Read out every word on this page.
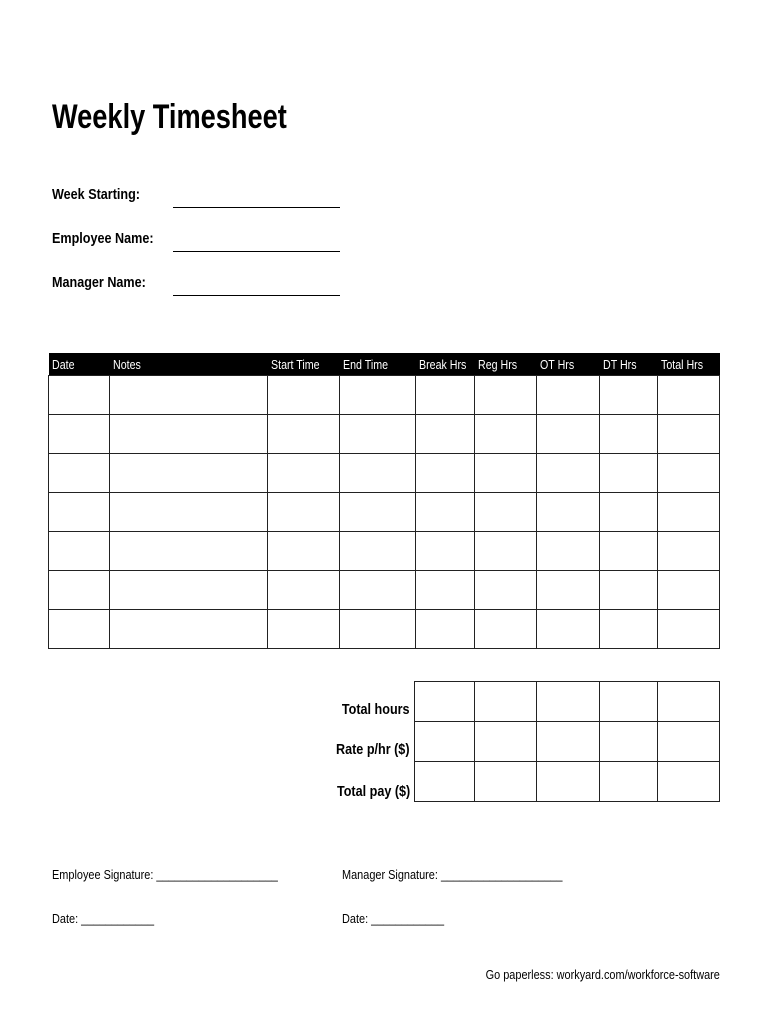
Weekly Timesheet
Week Starting:
Employee Name:
Manager Name:
Date	Notes	Start Time	End Time	Break Hrs	Reg Hrs	OT Hrs	DT Hrs	Total Hrs

Total hours
Rate p/hr ($)
Total pay ($)

Employee Signature: ____________________	Manager Signature: ____________________
Date: ____________	Date: ____________
Go paperless: workyard.com/workforce-software
